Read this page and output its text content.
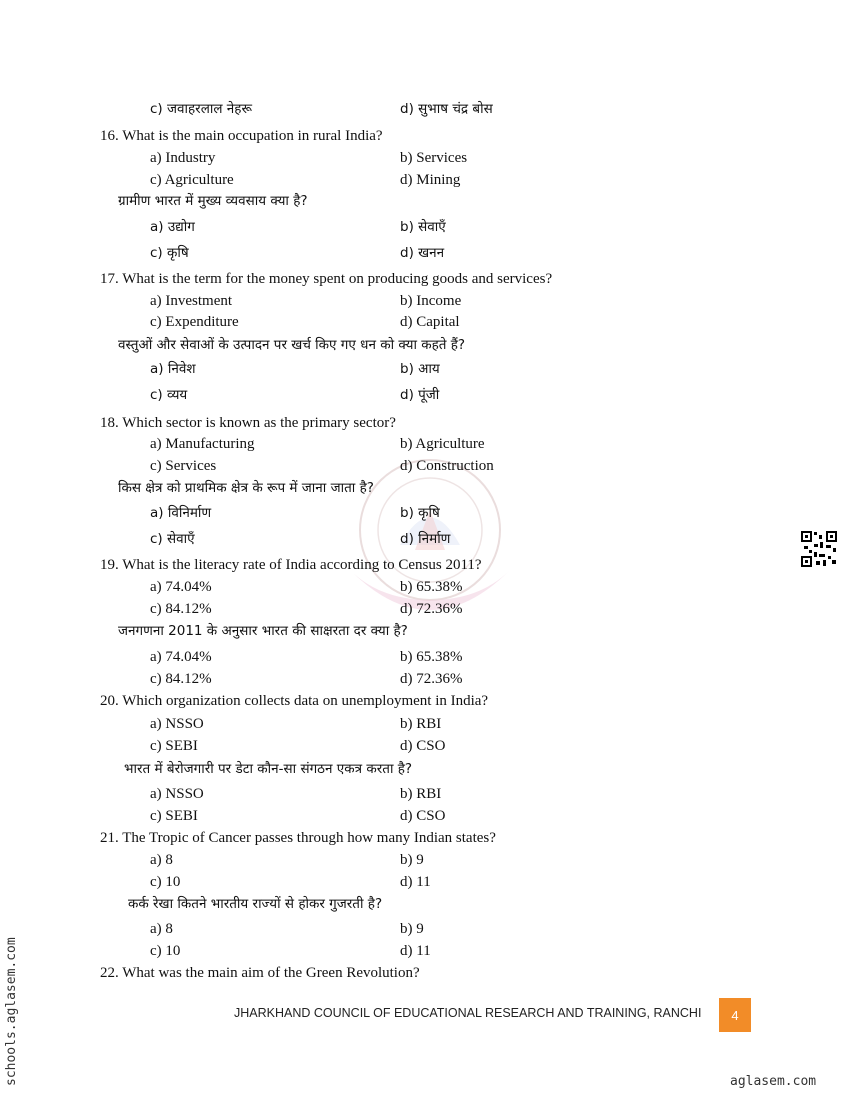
c) जवाहरलाल नेहरू	d) सुभाष चंद्र बोस
16. What is the main occupation in rural India?
a) Industry	b) Services
c) Agriculture	d) Mining
ग्रामीण भारत में मुख्य व्यवसाय क्या है?
a) उद्योग	b) सेवाएँ
c) कृषि	d) खनन
17. What is the term for the money spent on producing goods and services?
a) Investment	b) Income
c) Expenditure	d) Capital
वस्तुओं और सेवाओं के उत्पादन पर खर्च किए गए धन को क्या कहते हैं?
a) निवेश	b) आय
c) व्यय	d) पूंजी
18. Which sector is known as the primary sector?
a) Manufacturing	b) Agriculture
c) Services	d) Construction
किस क्षेत्र को प्राथमिक क्षेत्र के रूप में जाना जाता है?
a) विनिर्माण	b) कृषि
c) सेवाएँ	d) निर्माण
19. What is the literacy rate of India according to Census 2011?
a) 74.04%	b) 65.38%
c) 84.12%	d) 72.36%
जनगणना 2011 के अनुसार भारत की साक्षरता दर क्या है?
a) 74.04%	b) 65.38%
c) 84.12%	d) 72.36%
20. Which organization collects data on unemployment in India?
a) NSSO	b) RBI
c) SEBI	d) CSO
भारत में बेरोजगारी पर डेटा कौन-सा संगठन एकत्र करता है?
a) NSSO	b) RBI
c) SEBI	d) CSO
21. The Tropic of Cancer passes through how many Indian states?
a) 8	b) 9
c) 10	d) 11
कर्क रेखा कितने भारतीय राज्यों से होकर गुजरती है?
a) 8	b) 9
c) 10	d) 11
22. What was the main aim of the Green Revolution?
JHARKHAND COUNCIL OF EDUCATIONAL RESEARCH AND TRAINING, RANCHI	4
schools.aglasem.com	aglasem.com
